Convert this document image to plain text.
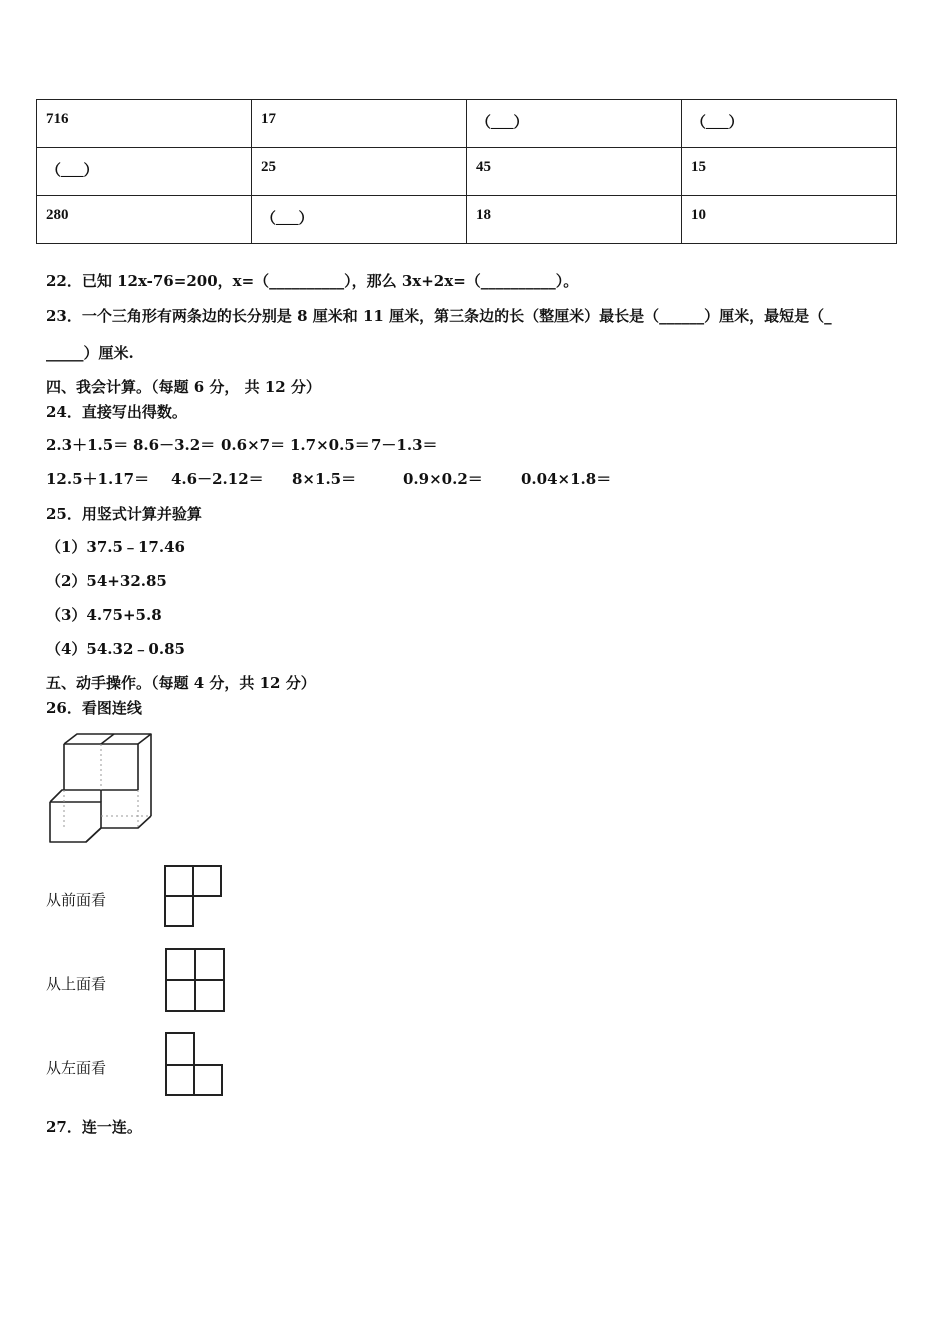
716	17	（___）	（___）

（___）	25	45	15

280	（___）	18	10
22．已知 12x-76=200，x=（__________），那么 3x+2x=（__________）。
23．一个三角形有两条边的长分别是 8 厘米和 11 厘米，第三条边的长（整厘米）最长是（______）厘米，最短是（_
_____）厘米.
四、我会计算。（每题 6 分， 共 12 分）
24．直接写出得数。
2.3＋1.5＝ 8.6－3.2＝ 0.6×7＝ 1.7×0.5＝ 7－1.3＝
12.5＋1.17＝ 4.6－2.12＝ 8×1.5＝	0.9×0.2＝	0.04×1.8＝
25．用竖式计算并验算
（1）37.5﹣17.46
（2）54+32.85
（3）4.75+5.8
（4）54.32﹣0.85
五、动手操作。（每题 4 分，共 12 分）
26．看图连线
从前面看
从上面看
从左面看
27．连一连。
